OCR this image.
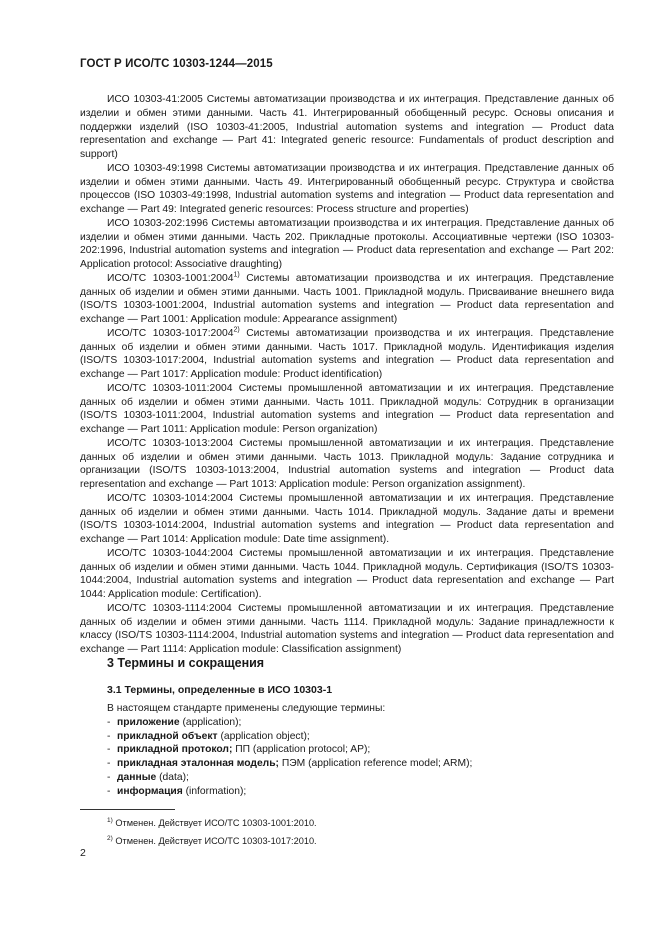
ГОСТ Р ИСО/ТС 10303-1244—2015

ИСО 10303-41:2005 Системы автоматизации производства и их интеграция. Представление данных об изделии и обмен этими данными. Часть 41. Интегрированный обобщенный ресурс. Основы описания и поддержки изделий (ISO 10303-41:2005, Industrial automation systems and integration — Product data representation and exchange — Part 41: Integrated generic resource: Fundamentals of product description and support)

ИСО 10303-49:1998 Системы автоматизации производства и их интеграция. Представление данных об изделии и обмен этими данными. Часть 49. Интегрированный обобщенный ресурс. Структура и свойства процессов (ISO 10303-49:1998, Industrial automation systems and integration — Product data representation and exchange — Part 49: Integrated generic resources: Process structure and properties)

ИСО 10303-202:1996 Системы автоматизации производства и их интеграция. Представление данных об изделии и обмен этими данными. Часть 202. Прикладные протоколы. Ассоциативные чертежи (ISO 10303-202:1996, Industrial automation systems and integration — Product data representation and exchange — Part 202: Application protocol: Associative draughting)

ИСО/ТС 10303-1001:2004$^{1)}$ Системы автоматизации производства и их интеграция. Представление данных об изделии и обмен этими данными. Часть 1001. Прикладной модуль. Присваивание внешнего вида (ISO/TS 10303-1001:2004, Industrial automation systems and integration — Product data representation and exchange — Part 1001: Application module: Appearance assignment)

ИСО/ТС 10303-1017:2004$^{2)}$ Системы автоматизации производства и их интеграция. Представление данных об изделии и обмен этими данными. Часть 1017. Прикладной модуль. Идентификация изделия (ISO/TS 10303-1017:2004, Industrial automation systems and integration — Product data representation and exchange — Part 1017: Application module: Product identification)

ИСО/ТС 10303-1011:2004 Системы промышленной автоматизации и их интеграция. Представление данных об изделии и обмен этими данными. Часть 1011. Прикладной модуль: Сотрудник в организации (ISO/TS 10303-1011:2004, Industrial automation systems and integration — Product data representation and exchange — Part 1011: Application module: Person organization)

ИСО/ТС 10303-1013:2004 Системы промышленной автоматизации и их интеграция. Представление данных об изделии и обмен этими данными. Часть 1013. Прикладной модуль: Задание сотрудника и организации (ISO/TS 10303-1013:2004, Industrial automation systems and integration — Product data representation and exchange — Part 1013: Application module: Person organization assignment).

ИСО/ТС 10303-1014:2004 Системы промышленной автоматизации и их интеграция. Представление данных об изделии и обмен этими данными. Часть 1014. Прикладной модуль. Задание даты и времени (ISO/TS 10303-1014:2004, Industrial automation systems and integration — Product data representation and exchange — Part 1014: Application module: Date time assignment).

ИСО/ТС 10303-1044:2004 Системы промышленной автоматизации и их интеграция. Представление данных об изделии и обмен этими данными. Часть 1044. Прикладной модуль. Сертификация (ISO/TS 10303-1044:2004, Industrial automation systems and integration — Product data representation and exchange — Part 1044: Application module: Certification).

ИСО/ТС 10303-1114:2004 Системы промышленной автоматизации и их интеграция. Представление данных об изделии и обмен этими данными. Часть 1114. Прикладной модуль: Задание принадлежности к классу (ISO/TS 10303-1114:2004, Industrial automation systems and integration — Product data representation and exchange — Part 1114: Application module: Classification assignment)

3 Термины и сокращения
3.1 Термины, определенные в ИСО 10303-1

В настоящем стандарте применены следующие термины:

- приложение (application);
- прикладной объект (application object);
- прикладной протокол; ПП (application protocol; AP);
- прикладная эталонная модель; ПЭМ (application reference model; ARM);
- данные (data);
- информация (information);

$^{1)}$ Отменен. Действует ИСО/ТС 10303-1001:2010.

$^{2)}$ Отменен. Действует ИСО/ТС 10303-1017:2010.

2
